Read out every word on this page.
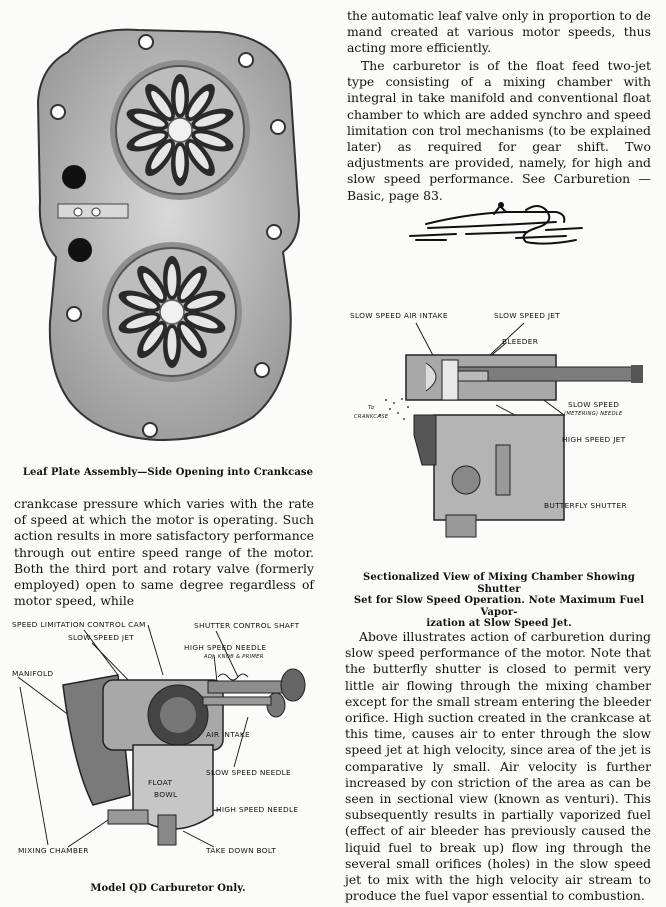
Leaf Plate Assembly—Side Opening into Crankcase
crankcase pressure which varies with the rate of speed at which the motor is operating. Such action results in more satisfactory performance through out entire speed range of the motor. Both the third port and rotary valve (formerly employed) open to same degree regardless of motor speed, while
SPEED LIMITATION CONTROL CAM	SHUTTER CONTROL SHAFT
SLOW SPEED JET
HIGH SPEED NEEDLE
ADJ. KNOB & PRIMER
MANIFOLD
AIR INTAKE
SLOW SPEED NEEDLE
FLOAT
BOWL
HIGH SPEED NEEDLE
MIXING CHAMBER	TAKE DOWN BOLT
Model QD Carburetor Only.
the automatic leaf valve only in proportion to de mand created at various motor speeds, thus acting more efficiently.
The carburetor is of the float feed two-jet type consisting of a mixing chamber with integral in take manifold and conventional float chamber to which are added synchro and speed limitation con trol mechanisms (to be explained later) as required for gear shift. Two adjustments are provided, namely, for high and slow speed performance. See Carburetion — Basic, page 83.
SLOW SPEED AIR INTAKE	SLOW SPEED JET
BLEEDER
To
CRANKCASE
SLOW SPEED
(METERING) NEEDLE
HIGH SPEED JET
BUTTERFLY SHUTTER
Sectionalized View of Mixing Chamber Showing Shutter
Set for Slow Speed Operation. Note Maximum Fuel Vapor-
ization at Slow Speed Jet.
Above illustrates action of carburetion during slow speed performance of the motor. Note that the butterfly shutter is closed to permit very little air flowing through the mixing chamber except for the small stream entering the bleeder orifice. High suction created in the crankcase at this time, causes air to enter through the slow speed jet at high velocity, since area of the jet is comparative ly small. Air velocity is further increased by con striction of the area as can be seen in sectional view (known as venturi). This subsequently results in partially vaporized fuel (effect of air bleeder has previously caused the liquid fuel to break up) flow ing through the several small orifices (holes) in the slow speed jet to mix with the high velocity air stream to produce the fuel vapor essential to combustion.
